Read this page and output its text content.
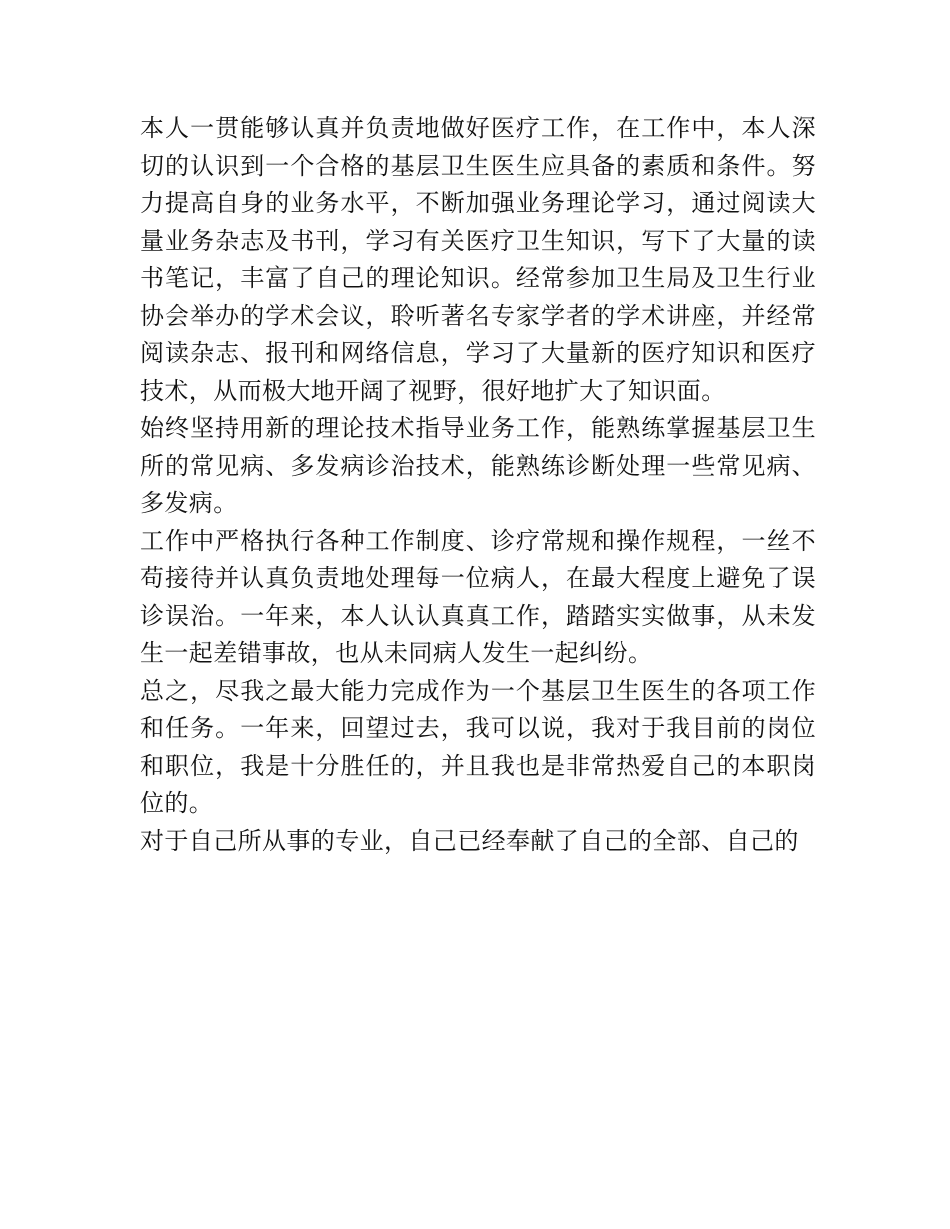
本人一贯能够认真并负责地做好医疗工作，在工作中，本人深切的认识到一个合格的基层卫生医生应具备的素质和条件。努力提高自身的业务水平，不断加强业务理论学习，通过阅读大量业务杂志及书刊，学习有关医疗卫生知识，写下了大量的读书笔记，丰富了自己的理论知识。经常参加卫生局及卫生行业协会举办的学术会议，聆听著名专家学者的学术讲座，并经常阅读杂志、报刊和网络信息，学习了大量新的医疗知识和医疗技术，从而极大地开阔了视野，很好地扩大了知识面。

始终坚持用新的理论技术指导业务工作，能熟练掌握基层卫生所的常见病、多发病诊治技术，能熟练诊断处理一些常见病、多发病。

工作中严格执行各种工作制度、诊疗常规和操作规程，一丝不苟接待并认真负责地处理每一位病人，在最大程度上避免了误诊误治。一年来，本人认认真真工作，踏踏实实做事，从未发生一起差错事故，也从未同病人发生一起纠纷。

总之，尽我之最大能力完成作为一个基层卫生医生的各项工作和任务。一年来，回望过去，我可以说，我对于我目前的岗位和职位，我是十分胜任的，并且我也是非常热爱自己的本职岗位的。

对于自己所从事的专业，自己已经奉献了自己的全部、自己的
